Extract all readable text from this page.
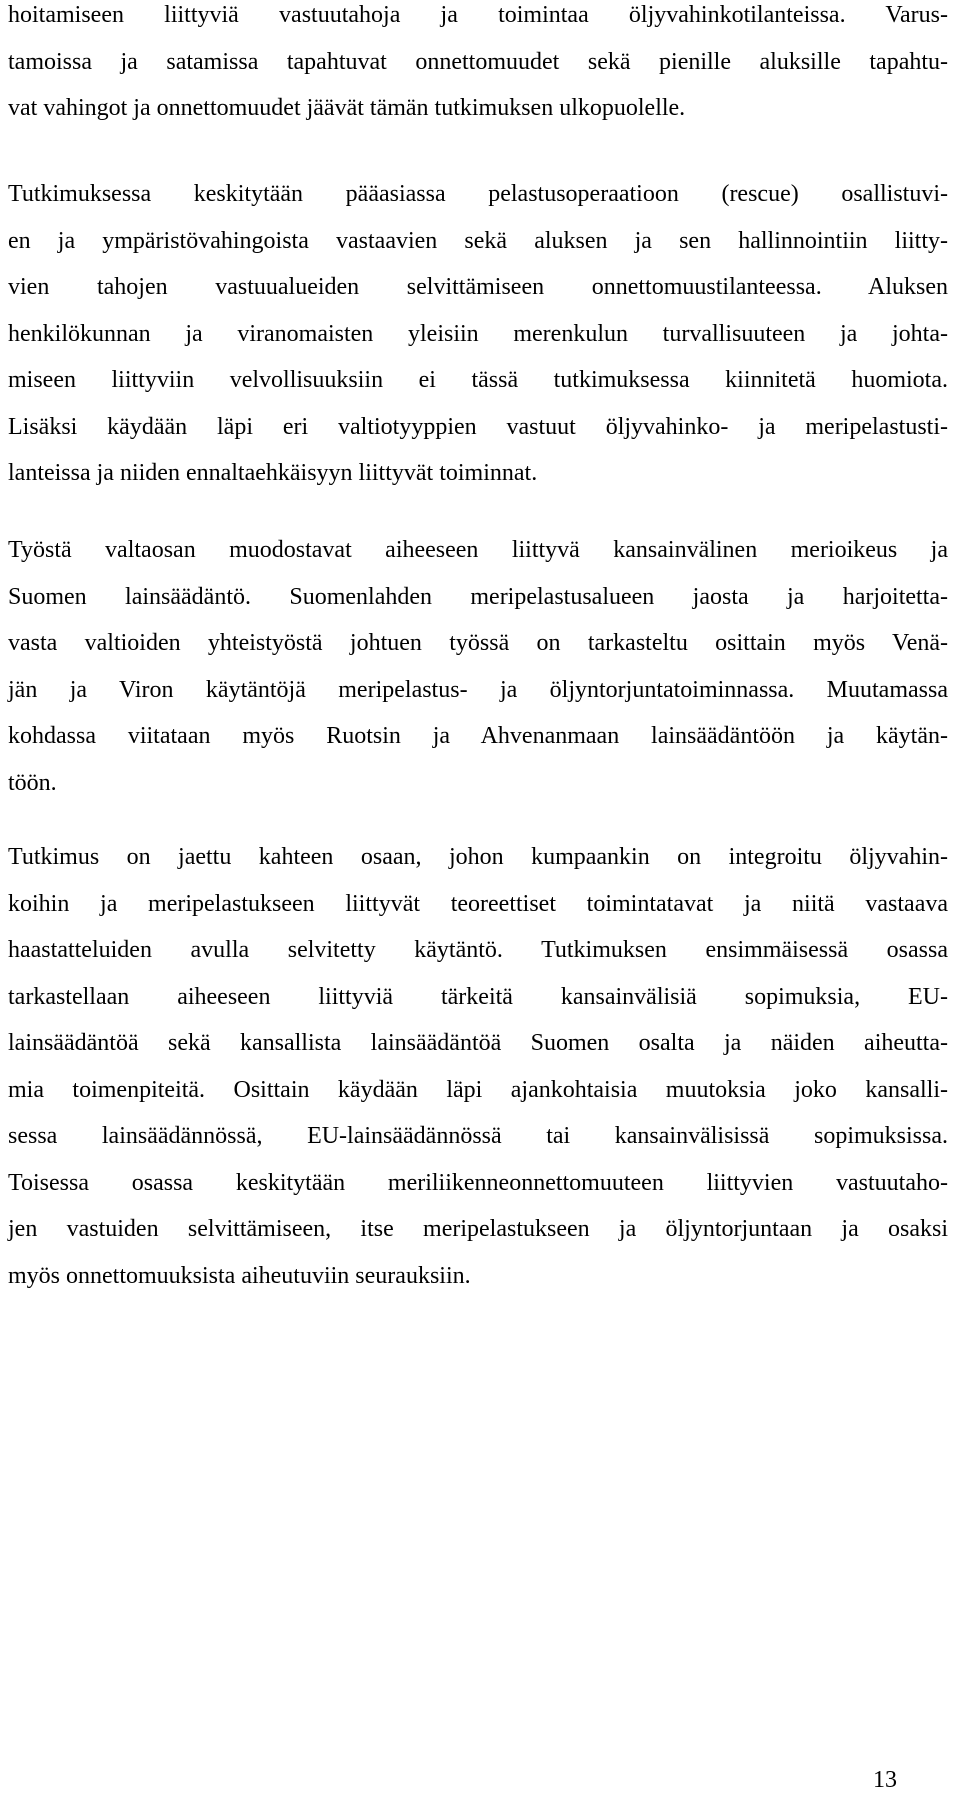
hoitamiseen liittyviä vastuutahoja ja toimintaa öljyvahinkotilanteissa. Varus-
tamoissa ja satamissa tapahtuvat onnettomuudet sekä pienille aluksille tapahtu-
vat vahingot ja onnettomuudet jäävät tämän tutkimuksen ulkopuolelle.

Tutkimuksessa keskitytään pääasiassa pelastusoperaatioon (rescue) osallistuvi-
en ja ympäristövahingoista vastaavien sekä aluksen ja sen hallinnointiin liitty-
vien tahojen vastuualueiden selvittämiseen onnettomuustilanteessa. Aluksen
henkilökunnan ja viranomaisten yleisiin merenkulun turvallisuuteen ja johta-
miseen liittyviin velvollisuuksiin ei tässä tutkimuksessa kiinnitetä huomiota.
Lisäksi käydään läpi eri valtiotyyppien vastuut öljyvahinko- ja meripelastusti-
lanteissa ja niiden ennaltaehkäisyyn liittyvät toiminnat.

Työstä valtaosan muodostavat aiheeseen liittyvä kansainvälinen merioikeus ja
Suomen lainsäädäntö. Suomenlahden meripelastusalueen jaosta ja harjoitetta-
vasta valtioiden yhteistyöstä johtuen työssä on tarkasteltu osittain myös Venä-
jän ja Viron käytäntöjä meripelastus- ja öljyntorjuntatoiminnassa. Muutamassa
kohdassa viitataan myös Ruotsin ja Ahvenanmaan lainsäädäntöön ja käytän-
töön.

Tutkimus on jaettu kahteen osaan, johon kumpaankin on integroitu öljyvahin-
koihin ja meripelastukseen liittyvät teoreettiset toimintatavat ja niitä vastaava
haastatteluiden avulla selvitetty käytäntö. Tutkimuksen ensimmäisessä osassa
tarkastellaan aiheeseen liittyviä tärkeitä kansainvälisiä sopimuksia, EU-
lainsäädäntöä sekä kansallista lainsäädäntöä Suomen osalta ja näiden aiheutta-
mia toimenpiteitä. Osittain käydään läpi ajankohtaisia muutoksia joko kansalli-
sessa lainsäädännössä, EU-lainsäädännössä tai kansainvälisissä sopimuksissa.
Toisessa osassa keskitytään meriliikenneonnettomuuteen liittyvien vastuutaho-
jen vastuiden selvittämiseen, itse meripelastukseen ja öljyntorjuntaan ja osaksi
myös onnettomuuksista aiheutuviin seurauksiin.

13
